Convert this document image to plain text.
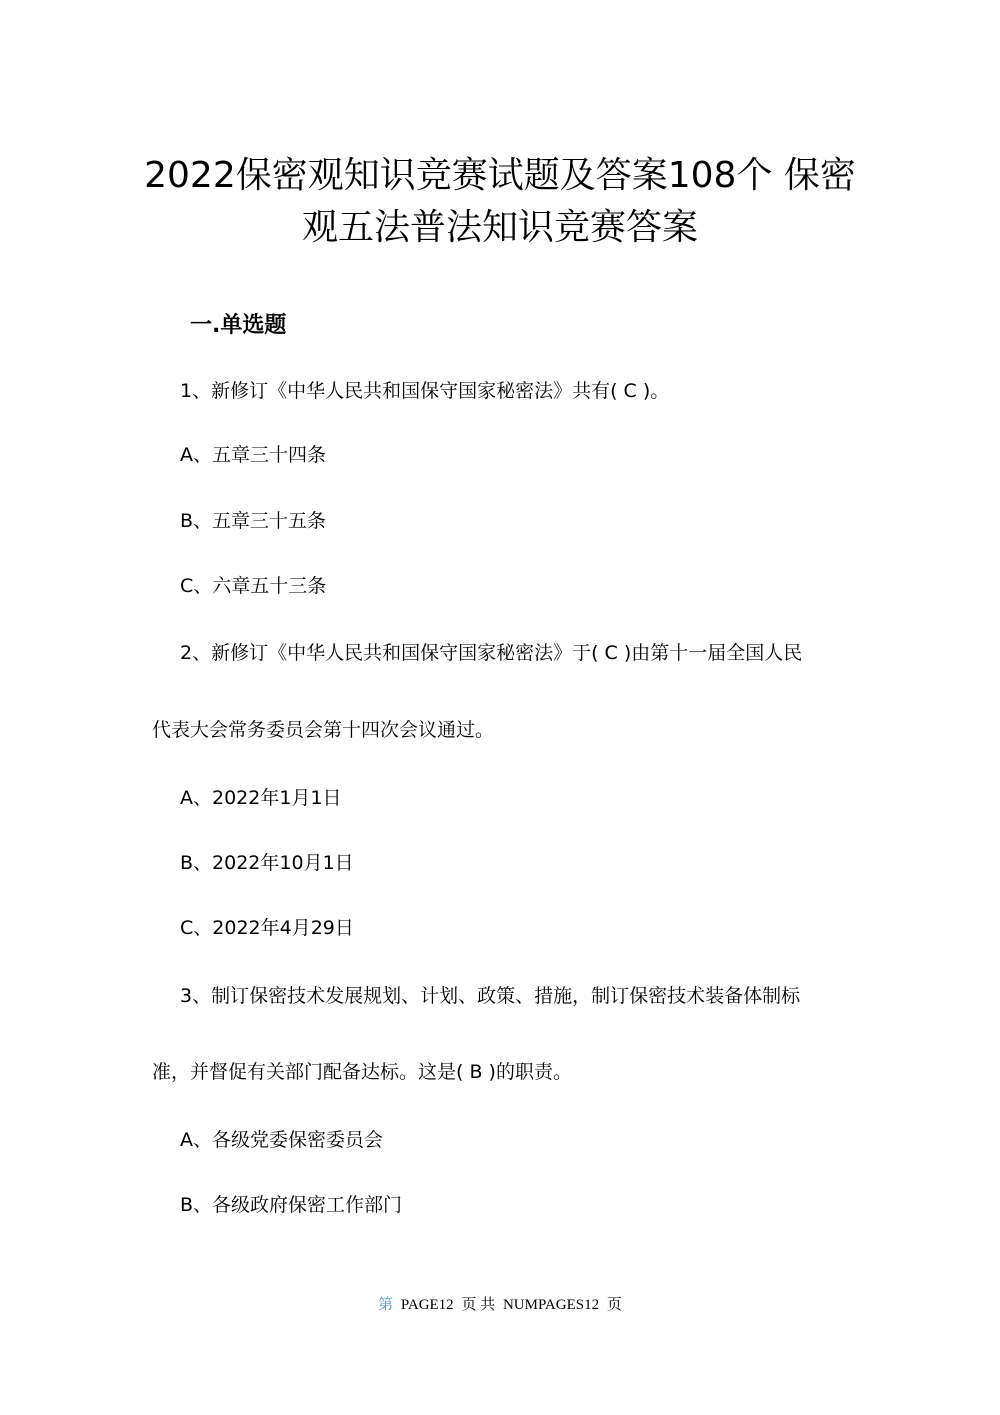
2022保密观知识竞赛试题及答案108个 保密观五法普法知识竞赛答案
一.单选题

1、新修订《中华人民共和国保守国家秘密法》共有( C )。

A、五章三十四条

B、五章三十五条

C、六章五十三条

2、新修订《中华人民共和国保守国家秘密法》于( C )由第十一届全国人民

代表大会常务委员会第十四次会议通过。

A、2022年1月1日

B、2022年10月1日

C、2022年4月29日

3、制订保密技术发展规划、计划、政策、措施，制订保密技术装备体制标

准，并督促有关部门配备达标。这是( B )的职责。

A、各级党委保密委员会

B、各级政府保密工作部门

第 PAGE12 页 共 NUMPAGES12 页
